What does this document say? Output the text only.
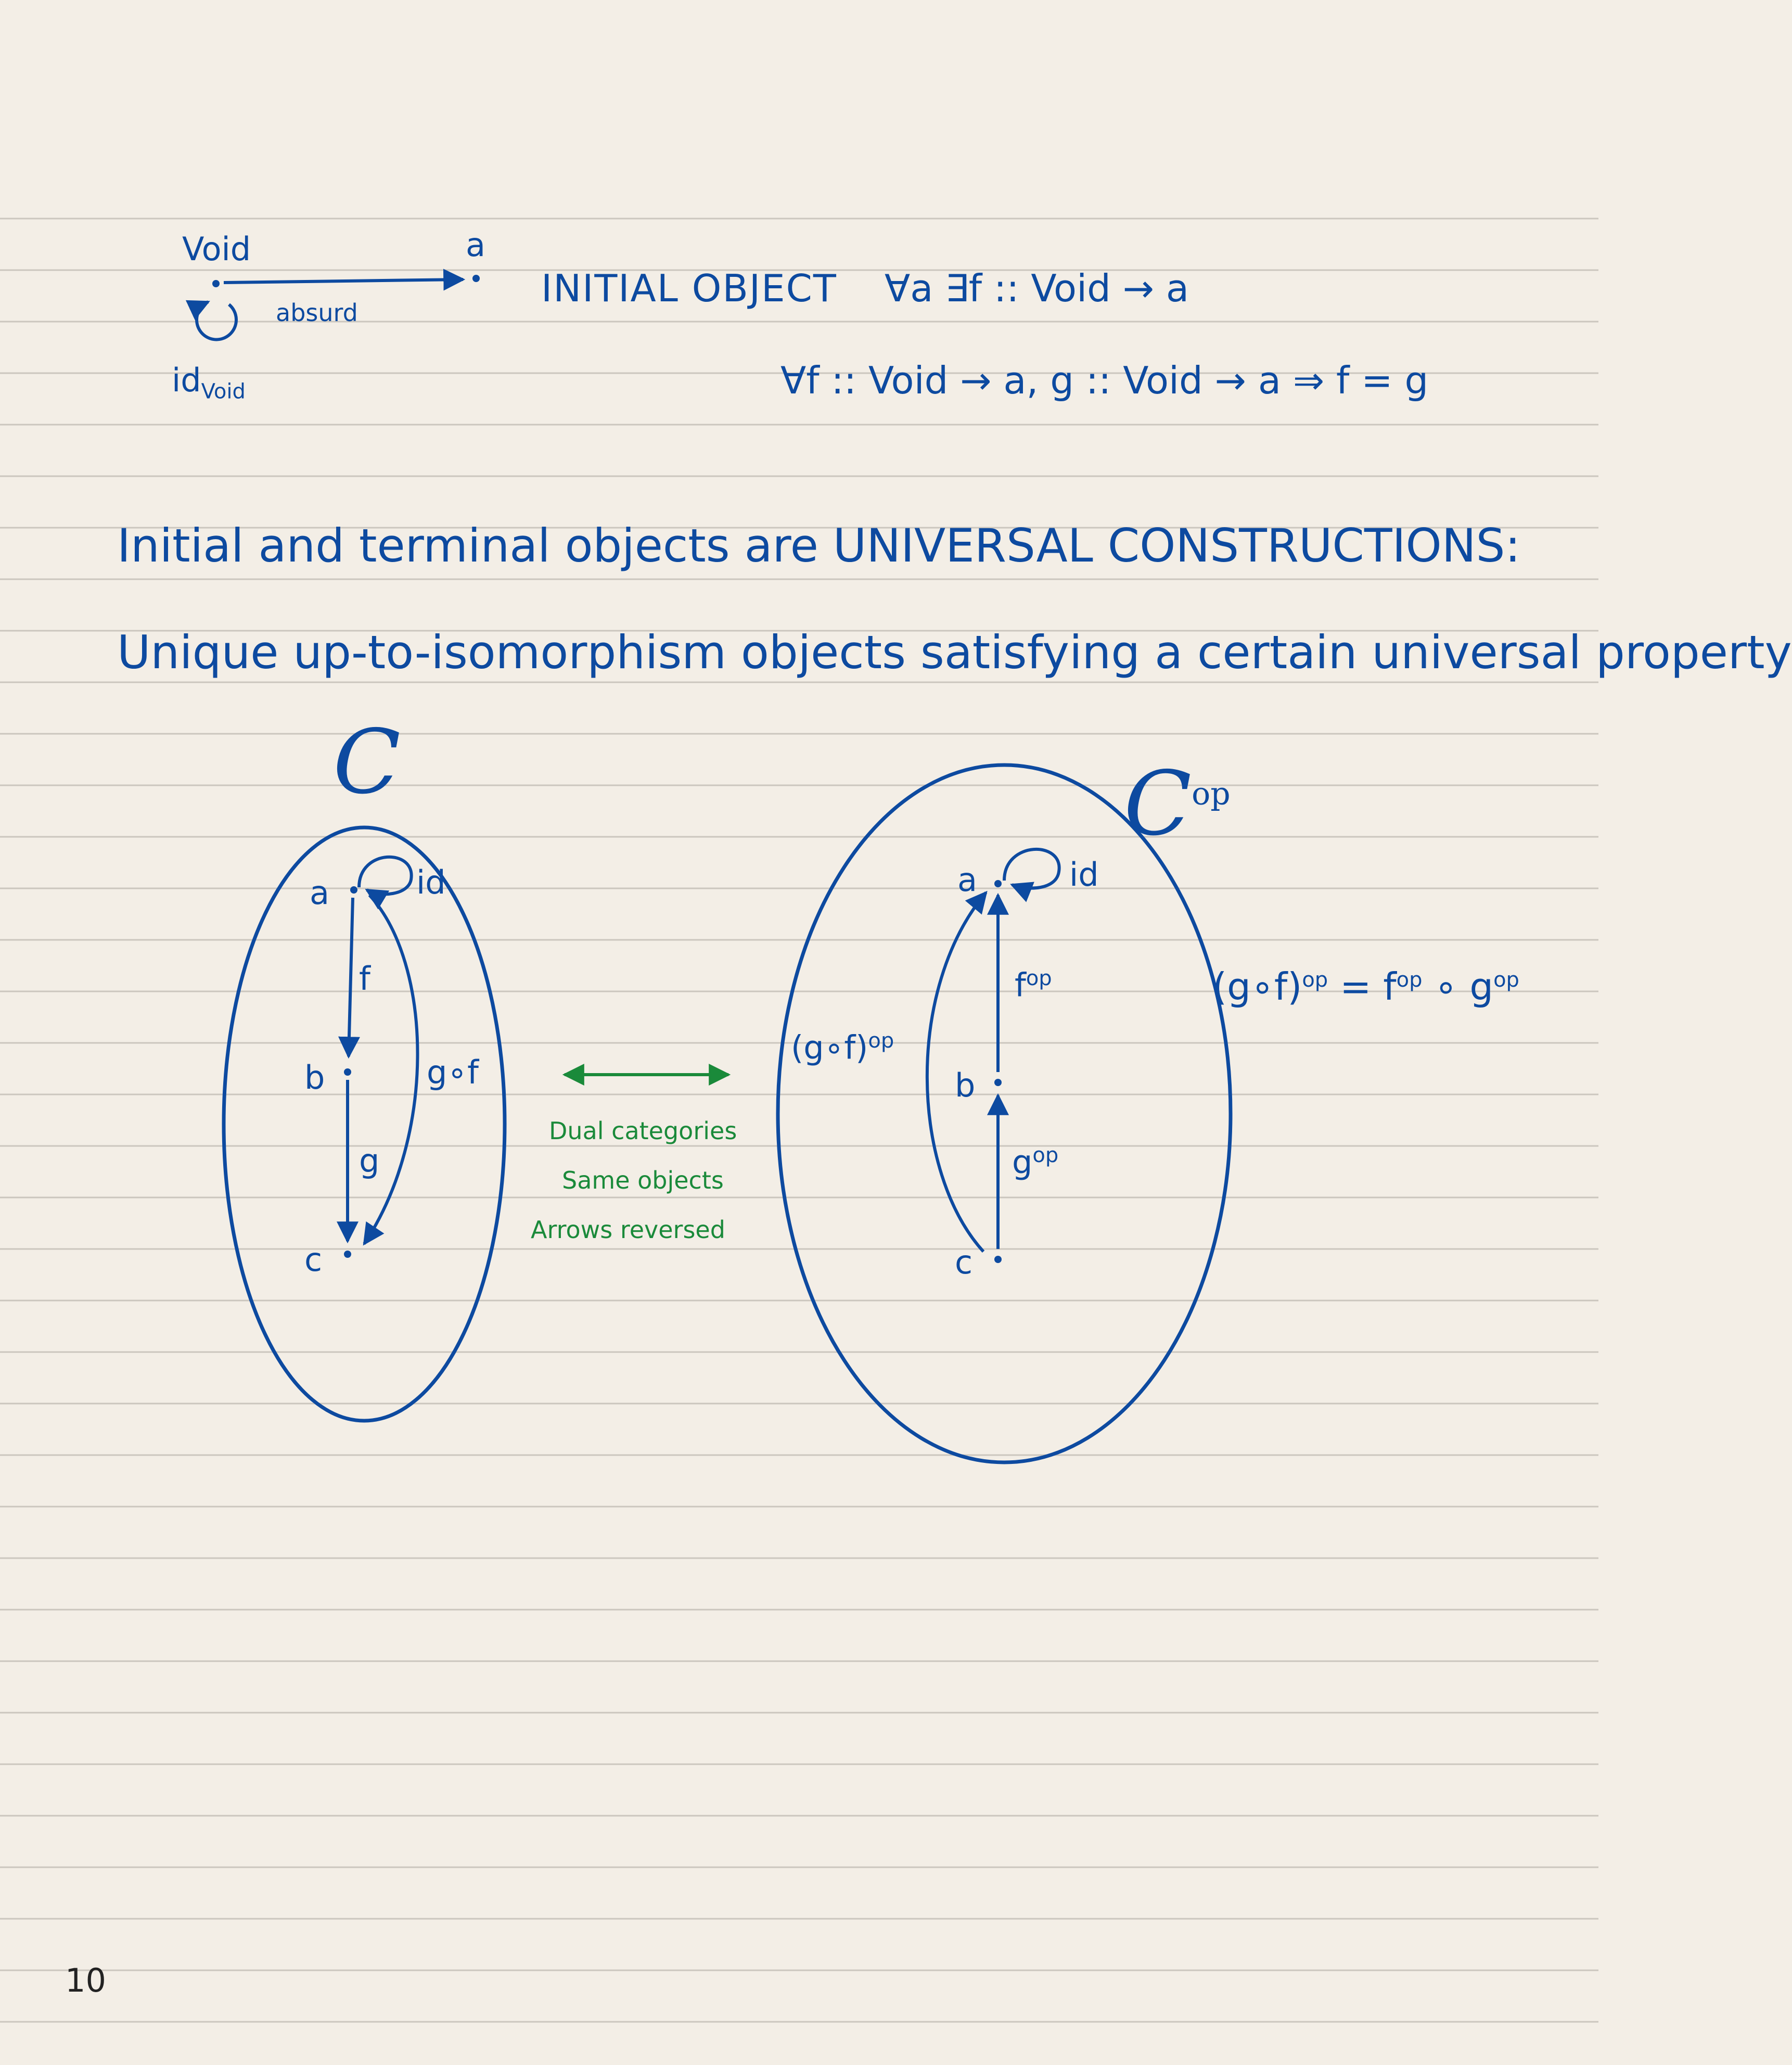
Void	a
absurd
$id_{Void}$
INITIAL OBJECT ∀a ∃f :: Void → a
∀f :: Void → a, g :: Void → a ⇒ f = g
Initial and terminal objects are UNIVERSAL CONSTRUCTIONS:
Unique up-to-isomorphism objects satisfying a certain universal property
C
a
b
c
id
f
g
g∘f
Dual categories
Same objects
Arrows reversed
$C^{op}$
a
b
c
id
$f^{op}$
$g^{op}$
(g∘f)$^{op}$
(g∘f)$^{op}$ = $f^{op}$ ∘ $g^{op}$
10
